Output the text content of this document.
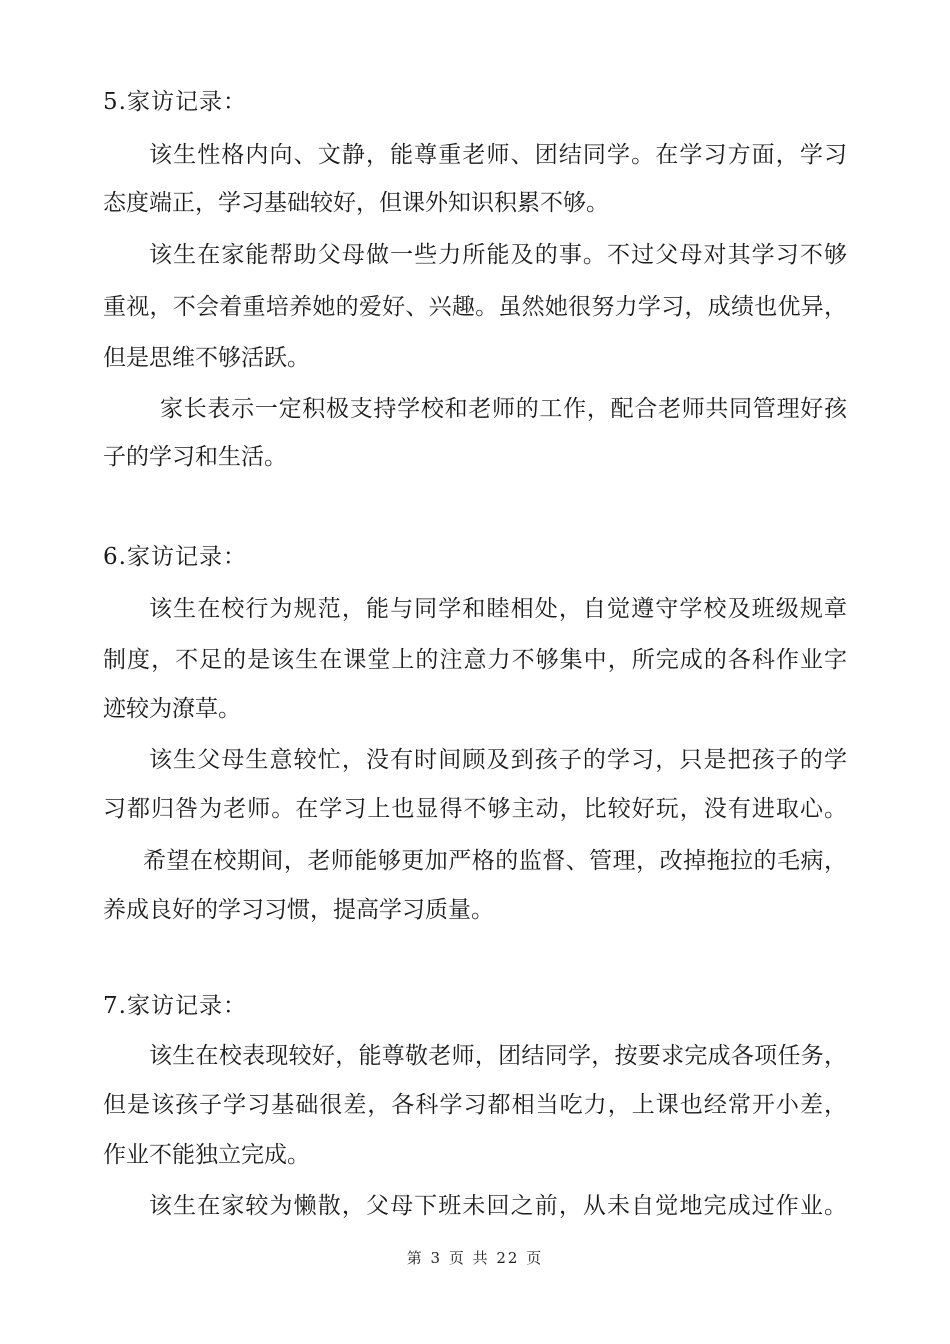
5.家访记录：
该生性格内向、文静，能尊重老师、团结同学。在学习方面，学习
态度端正，学习基础较好，但课外知识积累不够。
该生在家能帮助父母做一些力所能及的事。不过父母对其学习不够
重视，不会着重培养她的爱好、兴趣。虽然她很努力学习，成绩也优异，
但是思维不够活跃。
家长表示一定积极支持学校和老师的工作，配合老师共同管理好孩
子的学习和生活。
6.家访记录：
该生在校行为规范，能与同学和睦相处，自觉遵守学校及班级规章
制度，不足的是该生在课堂上的注意力不够集中，所完成的各科作业字
迹较为潦草。
该生父母生意较忙，没有时间顾及到孩子的学习，只是把孩子的学
习都归咎为老师。在学习上也显得不够主动，比较好玩，没有进取心。
希望在校期间，老师能够更加严格的监督、管理，改掉拖拉的毛病，
养成良好的学习习惯，提高学习质量。
7.家访记录：
该生在校表现较好，能尊敬老师，团结同学，按要求完成各项任务，
但是该孩子学习基础很差，各科学习都相当吃力，上课也经常开小差，
作业不能独立完成。
该生在家较为懒散，父母下班未回之前，从未自觉地完成过作业。
第 3 页 共 22 页
